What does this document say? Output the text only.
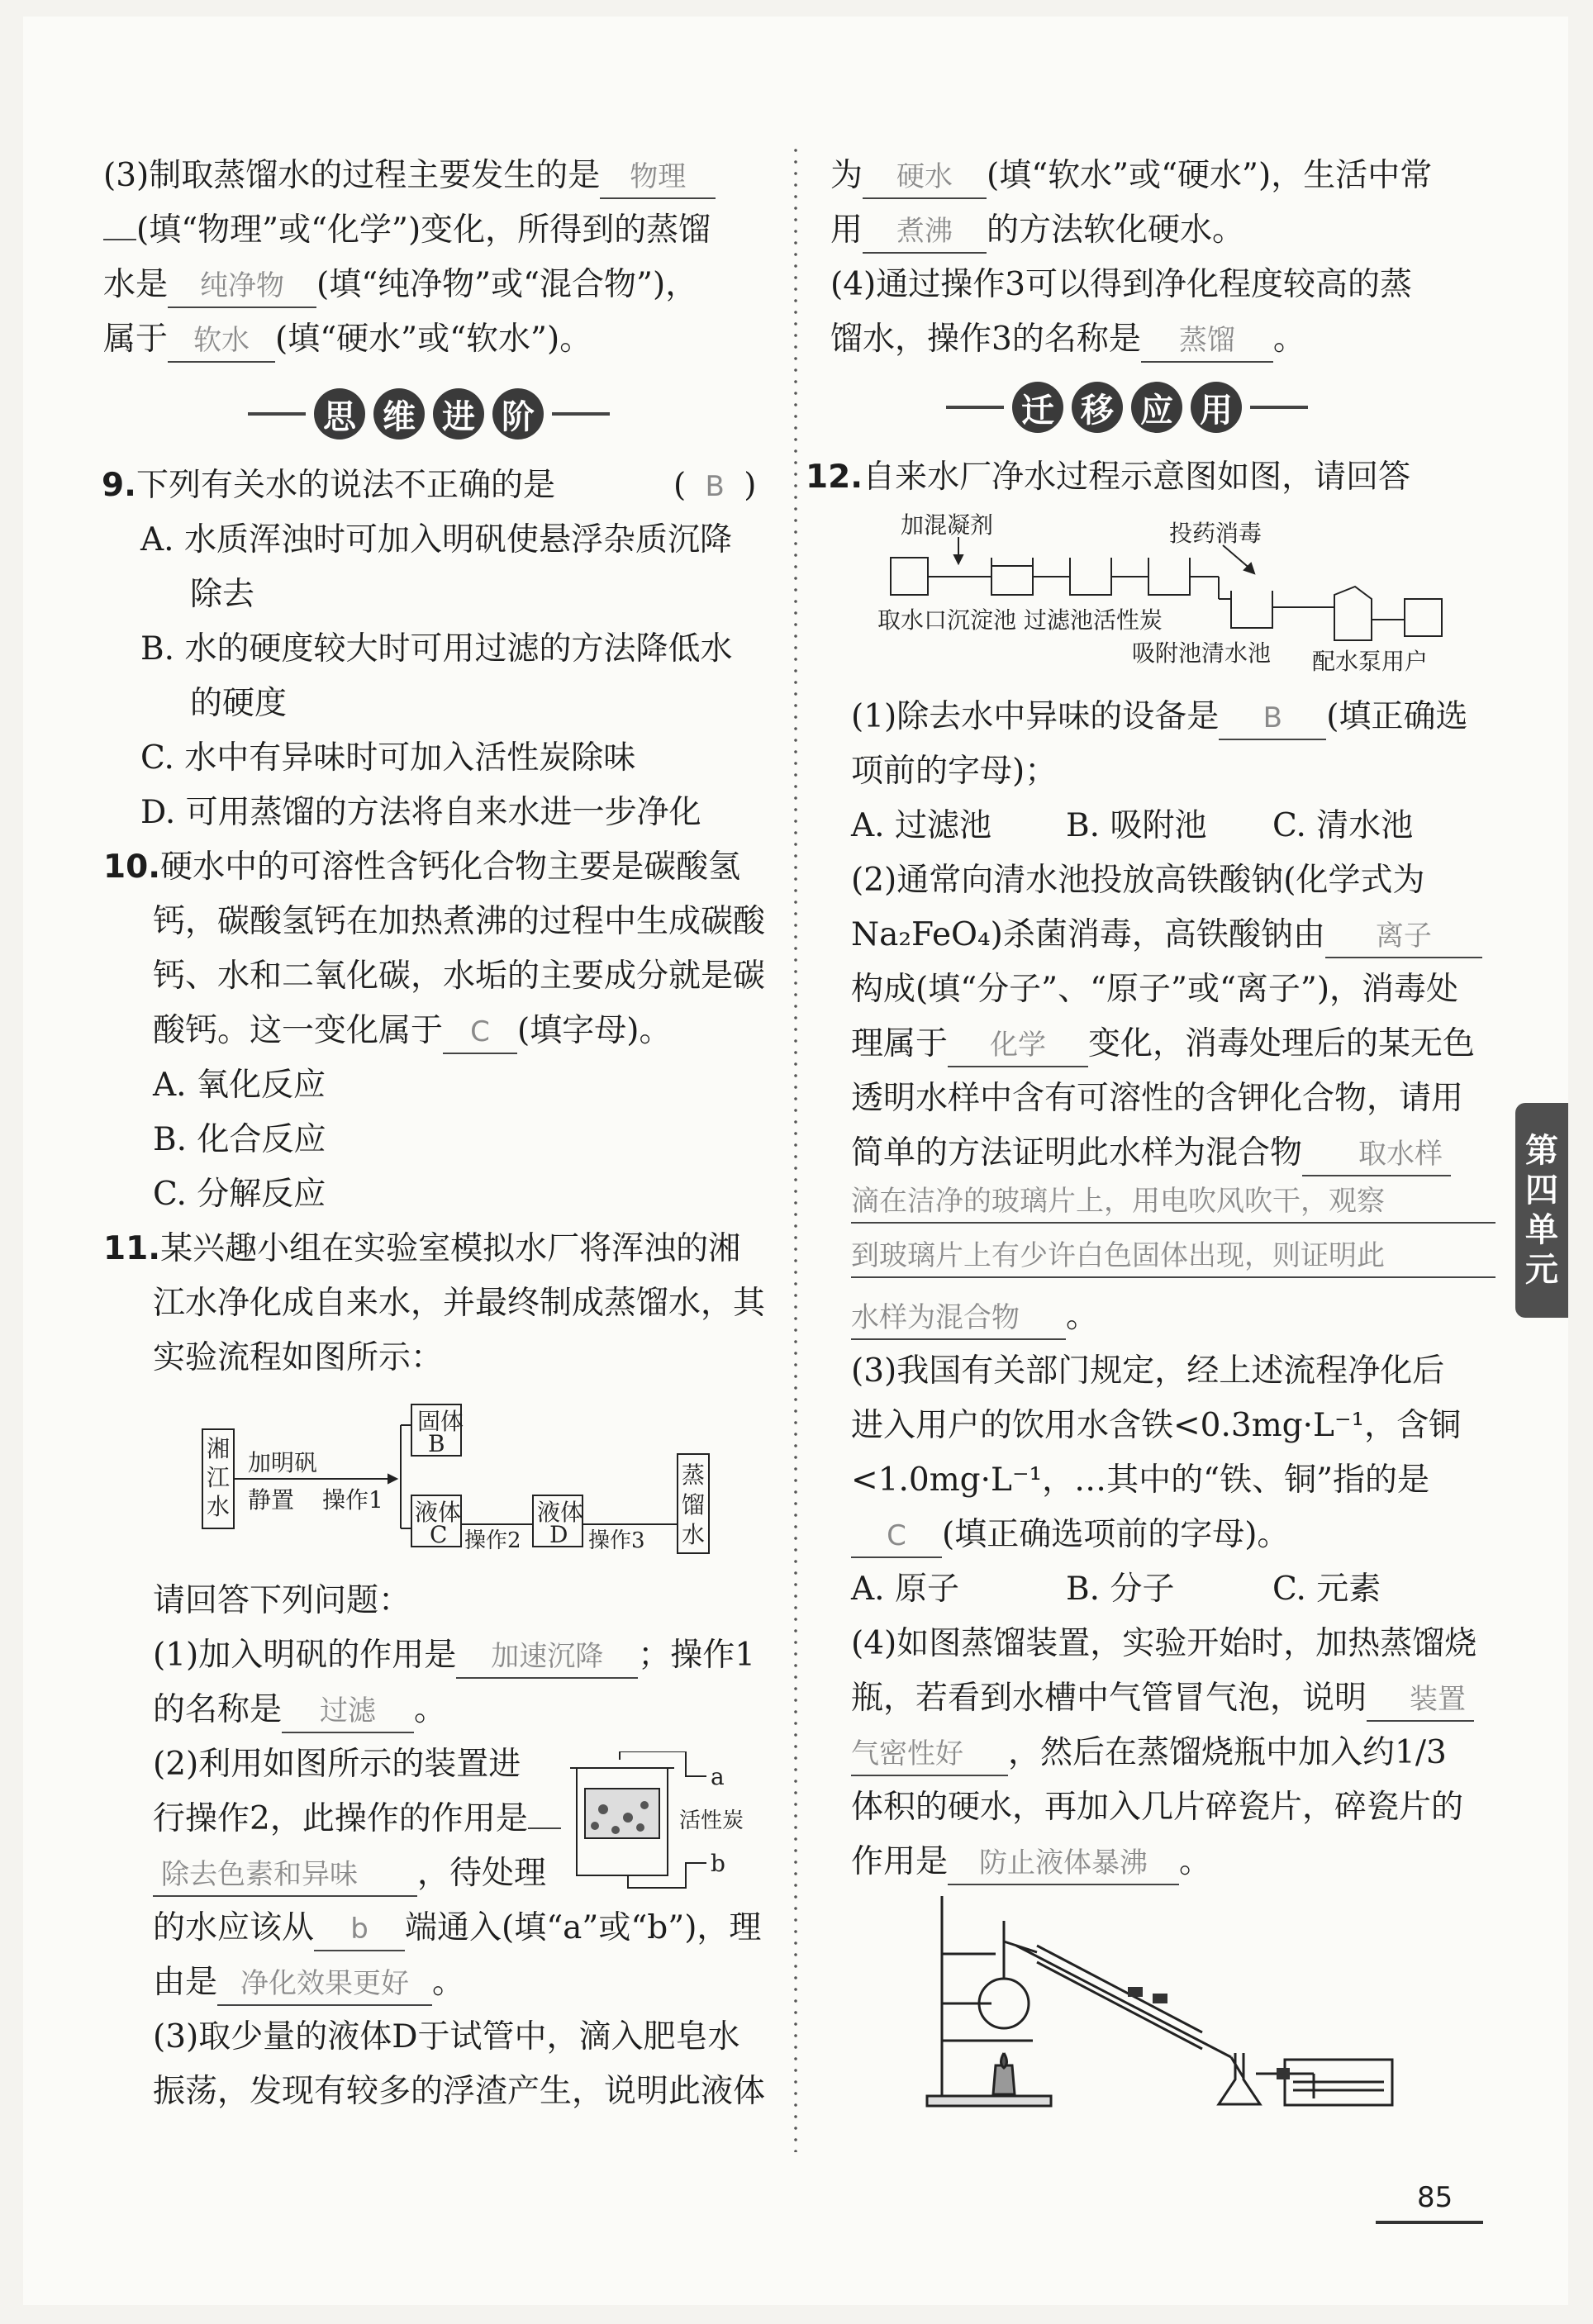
(3)制取蒸馏水的过程主要发生的是 物理
(填“物理”或“化学”)变化，所得到的蒸馏
水是 纯净物 (填“纯净物”或“混合物”)，
属于 软水 (填“硬水”或“软水”)。
思 维 进 阶
9.下列有关水的说法不正确的是	( B )
A. 水质浑浊时可加入明矾使悬浮杂质沉降
除去
B. 水的硬度较大时可用过滤的方法降低水
的硬度
C. 水中有异味时可加入活性炭除味
D. 可用蒸馏的方法将自来水进一步净化
10.硬水中的可溶性含钙化合物主要是碳酸氢
钙，碳酸氢钙在加热煮沸的过程中生成碳酸
钙、水和二氧化碳，水垢的主要成分就是碳
酸钙。这一变化属于 C (填字母)。
A. 氧化反应
B. 化合反应
C. 分解反应
11.某兴趣小组在实验室模拟水厂将浑浊的湘
江水净化成自来水，并最终制成蒸馏水，其
实验流程如图所示：
湘
江
水
加明矾
静置 操作1
固体
B
液体
C 操作2
液体
D 操作3
蒸
馏
水
请回答下列问题：
(1)加入明矾的作用是 加速沉降 ；操作1
的名称是 过滤 。
(2)利用如图所示的装置进
行操作2，此操作的作用是
除去色素和异味 ，待处理
的水应该从 b 端通入(填“a”或“b”)，理
由是 净化效果更好 。
(3)取少量的液体D于试管中，滴入肥皂水
振荡，发现有较多的浮渣产生，说明此液体
a
活性炭
b
为 硬水 (填“软水”或“硬水”)，生活中常
用 煮沸 的方法软化硬水。
(4)通过操作3可以得到净化程度较高的蒸
馏水，操作3的名称是 蒸馏 。
迁 移 应 用
12.自来水厂净水过程示意图如图，请回答
加混凝剂	投药消毒
取水口沉淀池 过滤池活性炭
吸附池清水池 配水泵用户
(1)除去水中异味的设备是 B (填正确选
项前的字母)；
A. 过滤池 B. 吸附池 C. 清水池
(2)通常向清水池投放高铁酸钠(化学式为
Na₂FeO₄)杀菌消毒，高铁酸钠由 离子
构成(填“分子”、“原子”或“离子”)，消毒处
理属于 化学 变化，消毒处理后的某无色
透明水样中含有可溶性的含钾化合物，请用
简单的方法证明此水样为混合物 取水样
滴在洁净的玻璃片上，用电吹风吹干，观察
到玻璃片上有少许白色固体出现，则证明此
水样为混合物 。
(3)我国有关部门规定，经上述流程净化后
进入用户的饮用水含铁<0.3mg·L⁻¹，含铜
<1.0mg·L⁻¹，…其中的“铁、铜”指的是
C (填正确选项前的字母)。
A. 原子	B. 分子	C. 元素
(4)如图蒸馏装置，实验开始时，加热蒸馏烧
瓶，若看到水槽中气管冒气泡，说明 装置
气密性好 ，然后在蒸馏烧瓶中加入约1/3
体积的硬水，再加入几片碎瓷片，碎瓷片的
作用是 防止液体暴沸 。
第
四
单
元
85
